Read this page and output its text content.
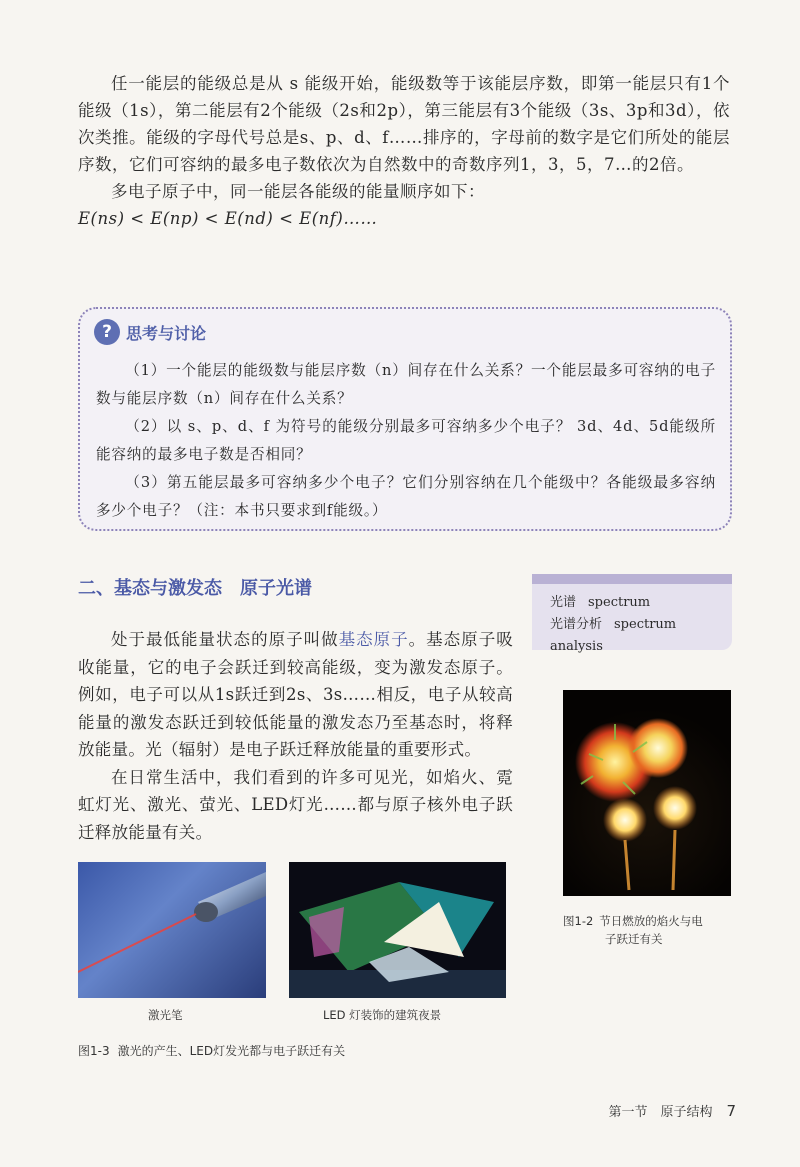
任一能层的能级总是从 s 能级开始，能级数等于该能层序数，即第一能层只有1个能级（1s），第二能层有2个能级（2s和2p），第三能层有3个能级（3s、3p和3d），依次类推。能级的字母代号总是s、p、d、f……排序的，字母前的数字是它们所处的能层序数，它们可容纳的最多电子数依次为自然数中的奇数序列1，3，5，7…的2倍。

多电子原子中，同一能层各能级的能量顺序如下：

E(ns) < E(np) < E(nd) < E(nf)……

? 思考与讨论

（1）一个能层的能级数与能层序数（n）间存在什么关系？一个能层最多可容纳的电子数与能层序数（n）间存在什么关系？

（2）以 s、p、d、f 为符号的能级分别最多可容纳多少个电子？ 3d、4d、5d能级所能容纳的最多电子数是否相同？

（3）第五能层最多可容纳多少个电子？它们分别容纳在几个能级中？各能级最多容纳多少个电子？（注：本书只要求到f能级。）

二、基态与激发态　原子光谱
光谱 spectrum
光谱分析 spectrum analysis

处于最低能量状态的原子叫做基态原子。基态原子吸收能量，它的电子会跃迁到较高能级，变为激发态原子。例如，电子可以从1s跃迁到2s、3s……相反，电子从较高能量的激发态跃迁到较低能量的激发态乃至基态时，将释放能量。光（辐射）是电子跃迁释放能量的重要形式。

在日常生活中，我们看到的许多可见光，如焰火、霓虹灯光、激光、萤光、LED灯光……都与原子核外电子跃迁释放能量有关。

图1-2 节日燃放的焰火与电
子跃迁有关
激光笔	LED 灯装饰的建筑夜景
图1-3 激光的产生、LED灯发光都与电子跃迁有关
第一节　原子结构 7
